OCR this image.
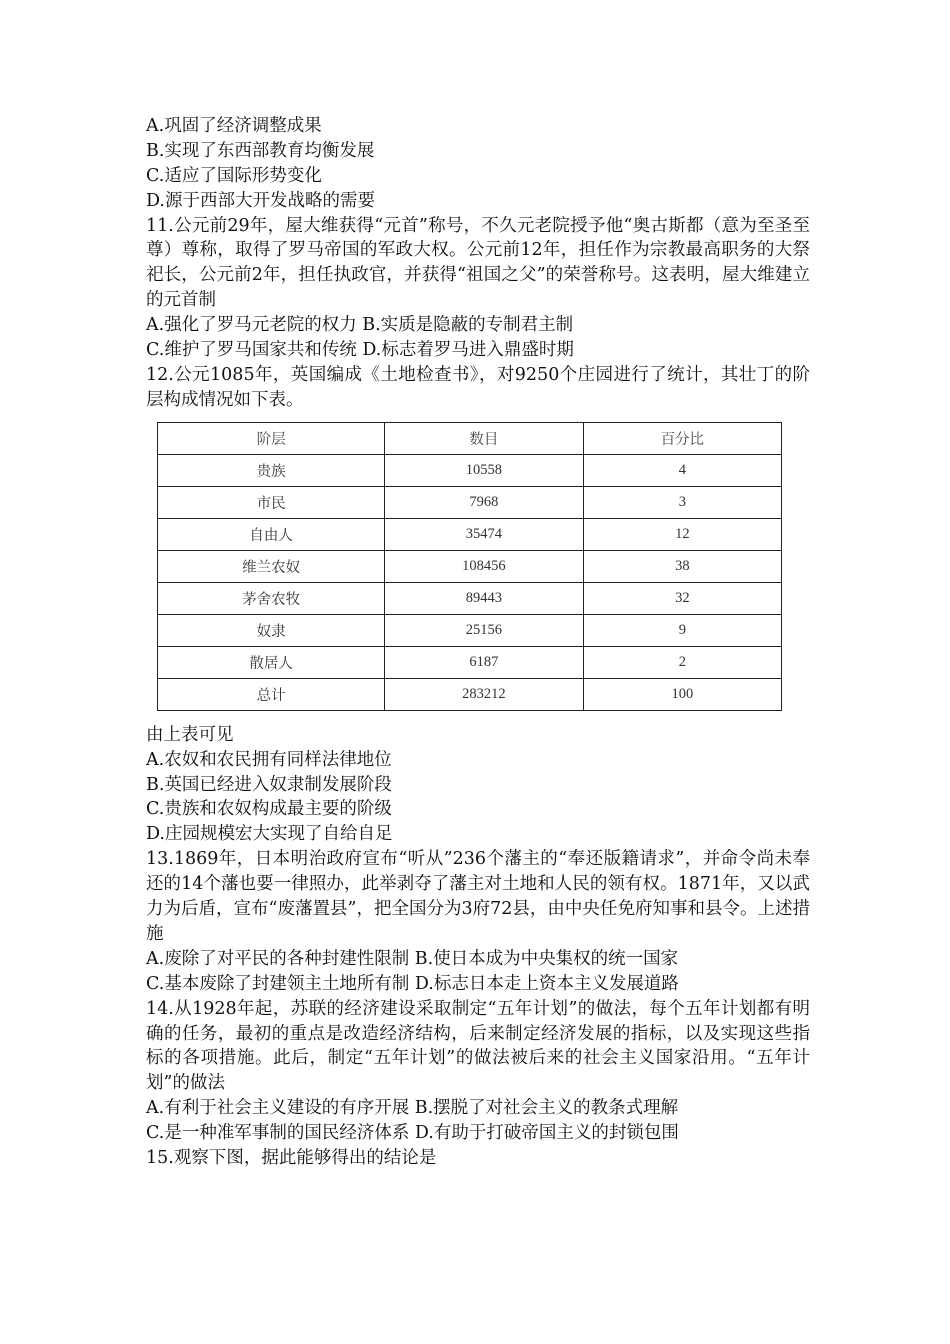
A.巩固了经济调整成果
B.实现了东西部教育均衡发展
C.适应了国际形势变化
D.源于西部大开发战略的需要
11.公元前29年，屋大维获得“元首”称号，不久元老院授予他“奥古斯都（意为至圣至尊）尊称，取得了罗马帝国的军政大权。公元前12年，担任作为宗教最高职务的大祭祀长，公元前2年，担任执政官，并获得“祖国之父”的荣誉称号。这表明，屋大维建立的元首制
A.强化了罗马元老院的权力 B.实质是隐蔽的专制君主制
C.维护了罗马国家共和传统 D.标志着罗马进入鼎盛时期
12.公元1085年，英国编成《土地检查书》，对9250个庄园进行了统计，其壮丁的阶层构成情况如下表。
阶层	数目	百分比
贵族	10558	4
市民	7968	3
自由人	35474	12
维兰农奴	108456	38
茅舍农牧	89443	32
奴隶	25156	9
散居人	6187	2
总计	283212	100
由上表可见
A.农奴和农民拥有同样法律地位
B.英国已经进入奴隶制发展阶段
C.贵族和农奴构成最主要的阶级
D.庄园规模宏大实现了自给自足
13.1869年，日本明治政府宣布“听从”236个藩主的“奉还版籍请求”，并命令尚未奉还的14个藩也要一律照办，此举剥夺了藩主对土地和人民的领有权。1871年，又以武力为后盾，宣布“废藩置县”，把全国分为3府72县，由中央任免府知事和县令。上述措施
A.废除了对平民的各种封建性限制 B.使日本成为中央集权的统一国家
C.基本废除了封建领主土地所有制 D.标志日本走上资本主义发展道路
14.从1928年起，苏联的经济建设采取制定“五年计划”的做法，每个五年计划都有明确的任务，最初的重点是改造经济结构，后来制定经济发展的指标，以及实现这些指标的各项措施。此后，制定“五年计划”的做法被后来的社会主义国家沿用。“五年计划”的做法
A.有利于社会主义建设的有序开展 B.摆脱了对社会主义的教条式理解
C.是一种准军事制的国民经济体系 D.有助于打破帝国主义的封锁包围
15.观察下图，据此能够得出的结论是
